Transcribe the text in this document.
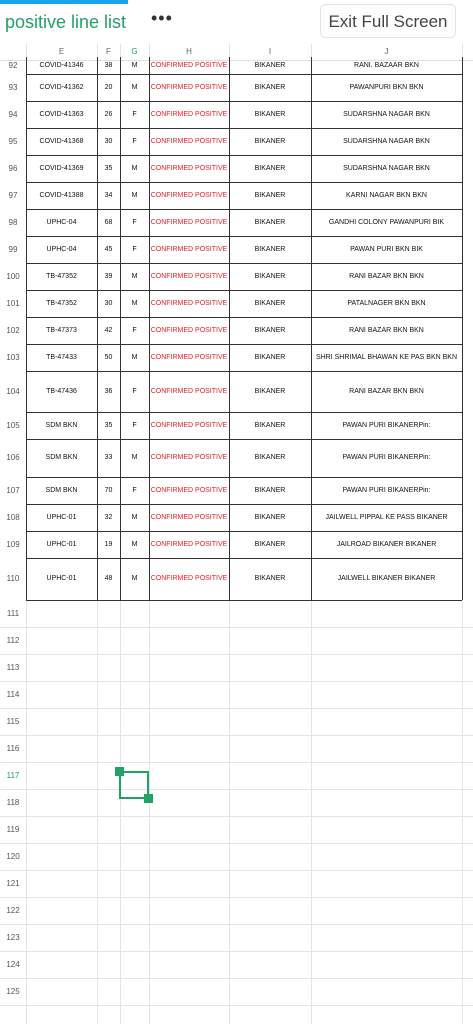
positive line list •••	Exit Full Screen
E	F	G	H	I	J
92	COVID-41346	38	M	CONFIRMED POSITIVE	BIKANER	RANI. BAZAAR BKN
93	COVID-41362	20	M	CONFIRMED POSITIVE	BIKANER	PAWANPURI BKN BKN
94	COVID-41363	26	F	CONFIRMED POSITIVE	BIKANER	SUDARSHNA NAGAR BKN
95	COVID-41368	30	F	CONFIRMED POSITIVE	BIKANER	SUDARSHNA NAGAR BKN
96	COVID-41369	35	M	CONFIRMED POSITIVE	BIKANER	SUDARSHNA NAGAR BKN
97	COVID-41388	34	M	CONFIRMED POSITIVE	BIKANER	KARNI NAGAR BKN BKN
98	UPHC-04	68	F	CONFIRMED POSITIVE	BIKANER	GANDHI COLONY PAWANPURI BIK
99	UPHC-04	45	F	CONFIRMED POSITIVE	BIKANER	PAWAN PURI BKN BIK
100	TB-47352	39	M	CONFIRMED POSITIVE	BIKANER	RANI BAZAR BKN BKN
101	TB-47352	30	M	CONFIRMED POSITIVE	BIKANER	PATALNAGER BKN BKN
102	TB-47373	42	F	CONFIRMED POSITIVE	BIKANER	RANI BAZAR BKN BKN
103	TB-47433	50	M	CONFIRMED POSITIVE	BIKANER	SHRI SHRIMAL BHAWAN KE PAS BKN BKN
104	TB-47436	36	F	CONFIRMED POSITIVE	BIKANER	RANI BAZAR BKN BKN
105	SDM BKN	35	F	CONFIRMED POSITIVE	BIKANER	PAWAN PURI BIKANERPin:
106	SDM BKN	33	M	CONFIRMED POSITIVE	BIKANER	PAWAN PURI BIKANERPin:
107	SDM BKN	70	F	CONFIRMED POSITIVE	BIKANER	PAWAN PURI BIKANERPin:
108	UPHC-01	32	M	CONFIRMED POSITIVE	BIKANER	JAILWELL PIPPAL KE PASS BIKANER
109	UPHC-01	19	M	CONFIRMED POSITIVE	BIKANER	JAILROAD BIKANER BIKANER
110	UPHC-01	48	M	CONFIRMED POSITIVE	BIKANER	JAILWELL BIKANER BIKANER
111
112
113
114
115
116
117
118
119
120
121
122
123
124
125
